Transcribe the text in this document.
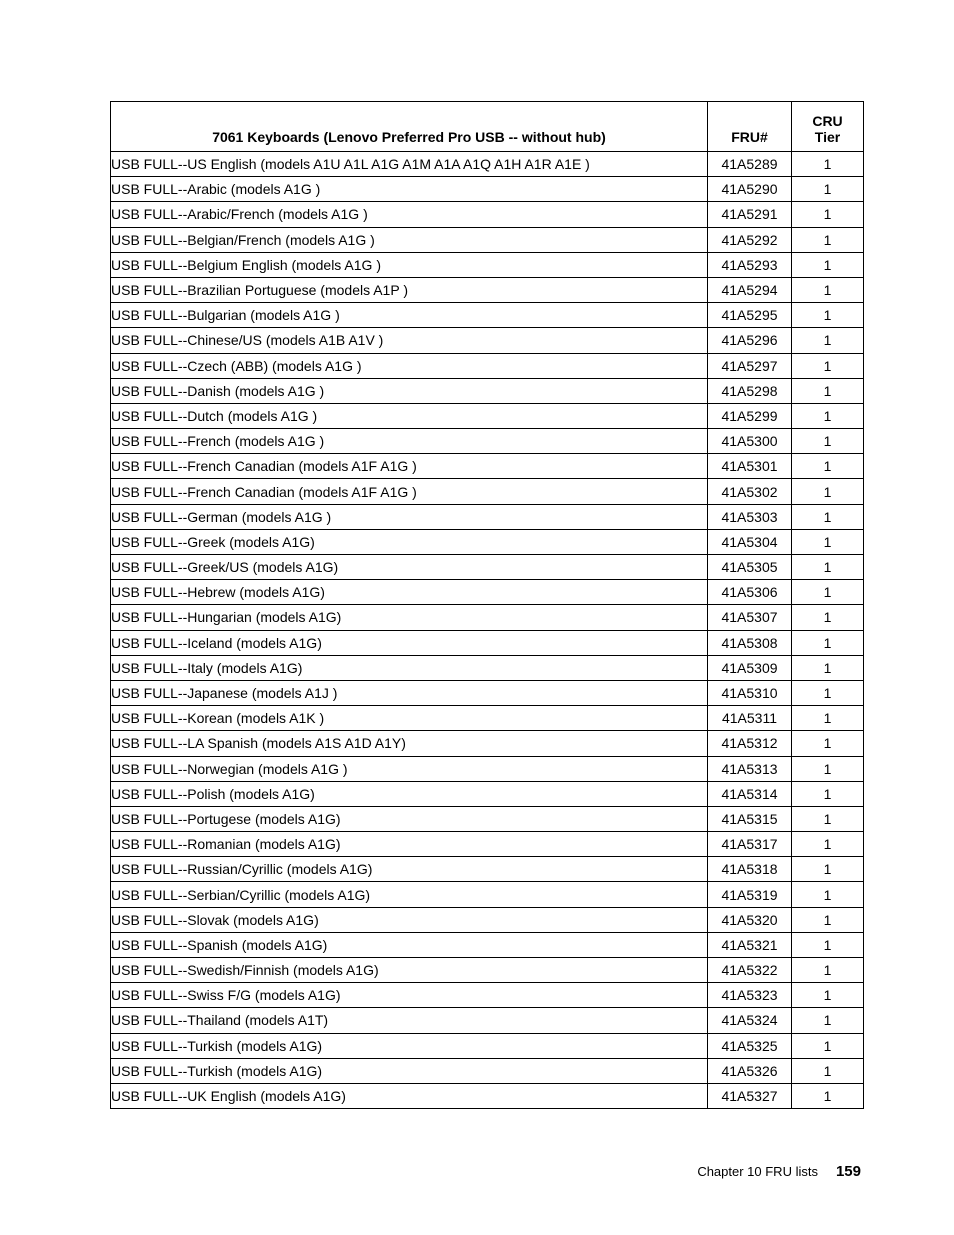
7061 Keyboards (Lenovo Preferred Pro USB -- without hub)	FRU#	CRU
Tier

USB FULL--US English (models A1U A1L A1G A1M A1A A1Q A1H A1R A1E )	41A5289	1
USB FULL--Arabic (models A1G )	41A5290	1
USB FULL--Arabic/French (models A1G )	41A5291	1
USB FULL--Belgian/French (models A1G )	41A5292	1
USB FULL--Belgium English (models A1G )	41A5293	1
USB FULL--Brazilian Portuguese (models A1P )	41A5294	1
USB FULL--Bulgarian (models A1G )	41A5295	1
USB FULL--Chinese/US (models A1B A1V )	41A5296	1
USB FULL--Czech (ABB) (models A1G )	41A5297	1
USB FULL--Danish (models A1G )	41A5298	1
USB FULL--Dutch (models A1G )	41A5299	1
USB FULL--French (models A1G )	41A5300	1
USB FULL--French Canadian (models A1F A1G )	41A5301	1
USB FULL--French Canadian (models A1F A1G )	41A5302	1
USB FULL--German (models A1G )	41A5303	1
USB FULL--Greek (models A1G)	41A5304	1
USB FULL--Greek/US (models A1G)	41A5305	1
USB FULL--Hebrew (models A1G)	41A5306	1
USB FULL--Hungarian (models A1G)	41A5307	1
USB FULL--Iceland (models A1G)	41A5308	1
USB FULL--Italy (models A1G)	41A5309	1
USB FULL--Japanese (models A1J )	41A5310	1
USB FULL--Korean (models A1K )	41A5311	1
USB FULL--LA Spanish (models A1S A1D A1Y)	41A5312	1
USB FULL--Norwegian (models A1G )	41A5313	1
USB FULL--Polish (models A1G)	41A5314	1
USB FULL--Portugese (models A1G)	41A5315	1
USB FULL--Romanian (models A1G)	41A5317	1
USB FULL--Russian/Cyrillic (models A1G)	41A5318	1
USB FULL--Serbian/Cyrillic (models A1G)	41A5319	1
USB FULL--Slovak (models A1G)	41A5320	1
USB FULL--Spanish (models A1G)	41A5321	1
USB FULL--Swedish/Finnish (models A1G)	41A5322	1
USB FULL--Swiss F/G (models A1G)	41A5323	1
USB FULL--Thailand (models A1T)	41A5324	1
USB FULL--Turkish (models A1G)	41A5325	1
USB FULL--Turkish (models A1G)	41A5326	1
USB FULL--UK English (models A1G)	41A5327	1
Chapter 10 FRU lists 159
